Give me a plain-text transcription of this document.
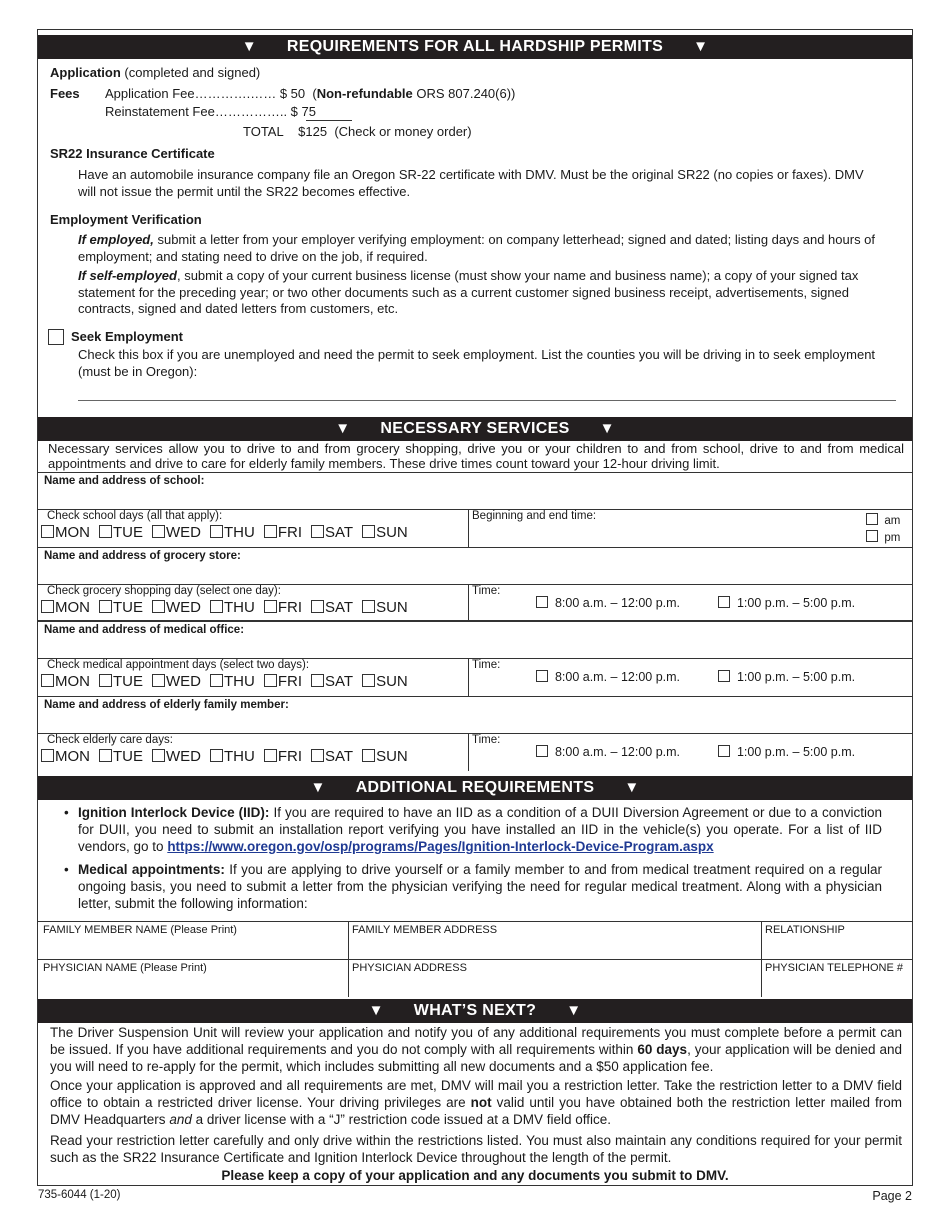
▼ REQUIREMENTS FOR ALL HARDSHIP PERMITS ▼
Application (completed and signed)
Fees Application Fee………….…… $ 50  (Non-refundable ORS 807.240(6))
Reinstatement Fee…………….. $ 75
TOTAL $125 (Check or money order)
SR22 Insurance Certificate
Have an automobile insurance company file an Oregon SR-22 certificate with DMV. Must be the original SR22 (no copies or faxes). DMV will not issue the permit until the SR22 becomes effective.
Employment Verification
If employed, submit a letter from your employer verifying employment: on company letterhead; signed and dated; listing days and hours of employment; and stating need to drive on the job, if required.
If self-employed, submit a copy of your current business license (must show your name and business name); a copy of your signed tax statement for the preceding year; or two other documents such as a current customer signed business receipt, advertisements, signed contracts, signed and dated letters from customers, etc.
Seek Employment
Check this box if you are unemployed and need the permit to seek employment. List the counties you will be driving in to seek employment (must be in Oregon):
▼ NECESSARY SERVICES ▼
Necessary services allow you to drive to and from grocery shopping, drive you or your children to and from school, drive to and from medical appointments and drive to care for elderly family members. These drive times count toward your 12-hour driving limit.
Name and address of school:
Check school days (all that apply):
MON TUE WED THU FRI SAT SUN
Beginning and end time:	am
pm
Name and address of grocery store:
Check grocery shopping day (select one day):
MON TUE WED THU FRI SAT SUN
Time:
8:00 a.m. – 12:00 p.m.	1:00 p.m. – 5:00 p.m.
Name and address of medical office:
Check medical appointment days (select two days):
MON TUE WED THU FRI SAT SUN
Time:
8:00 a.m. – 12:00 p.m.	1:00 p.m. – 5:00 p.m.
Name and address of elderly family member:
Check elderly care days:
MON TUE WED THU FRI SAT SUN
Time:
8:00 a.m. – 12:00 p.m.	1:00 p.m. – 5:00 p.m.
▼ ADDITIONAL REQUIREMENTS ▼
• Ignition Interlock Device (IID): If you are required to have an IID as a condition of a DUII Diversion Agreement or due to a conviction for DUII, you need to submit an installation report verifying you have installed an IID in the vehicle(s) you operate. For a list of IID vendors, go to https://www.oregon.gov/osp/programs/Pages/Ignition-Interlock-Device-Program.aspx
• Medical appointments: If you are applying to drive yourself or a family member to and from medical treatment required on a regular ongoing basis, you need to submit a letter from the physician verifying the need for regular medical treatment. Along with a physician letter, submit the following information:
FAMILY MEMBER NAME (Please Print)	FAMILY MEMBER ADDRESS	RELATIONSHIP
PHYSICIAN NAME (Please Print)	PHYSICIAN ADDRESS	PHYSICIAN TELEPHONE #
▼ WHAT’S NEXT? ▼
The Driver Suspension Unit will review your application and notify you of any additional requirements you must complete before a permit can be issued. If you have additional requirements and you do not comply with all requirements within 60 days, your application will be denied and you will need to re-apply for the permit, which includes submitting all new documents and a $50 application fee.
Once your application is approved and all requirements are met, DMV will mail you a restriction letter. Take the restriction letter to a DMV field office to obtain a restricted driver license. Your driving privileges are not valid until you have obtained both the restriction letter mailed from DMV Headquarters and a driver license with a “J” restriction code issued at a DMV field office.
Read your restriction letter carefully and only drive within the restrictions listed. You must also maintain any conditions required for your permit such as the SR22 Insurance Certificate and Ignition Interlock Device throughout the length of the permit.
Please keep a copy of your application and any documents you submit to DMV.
735-6044 (1-20)	Page 2
